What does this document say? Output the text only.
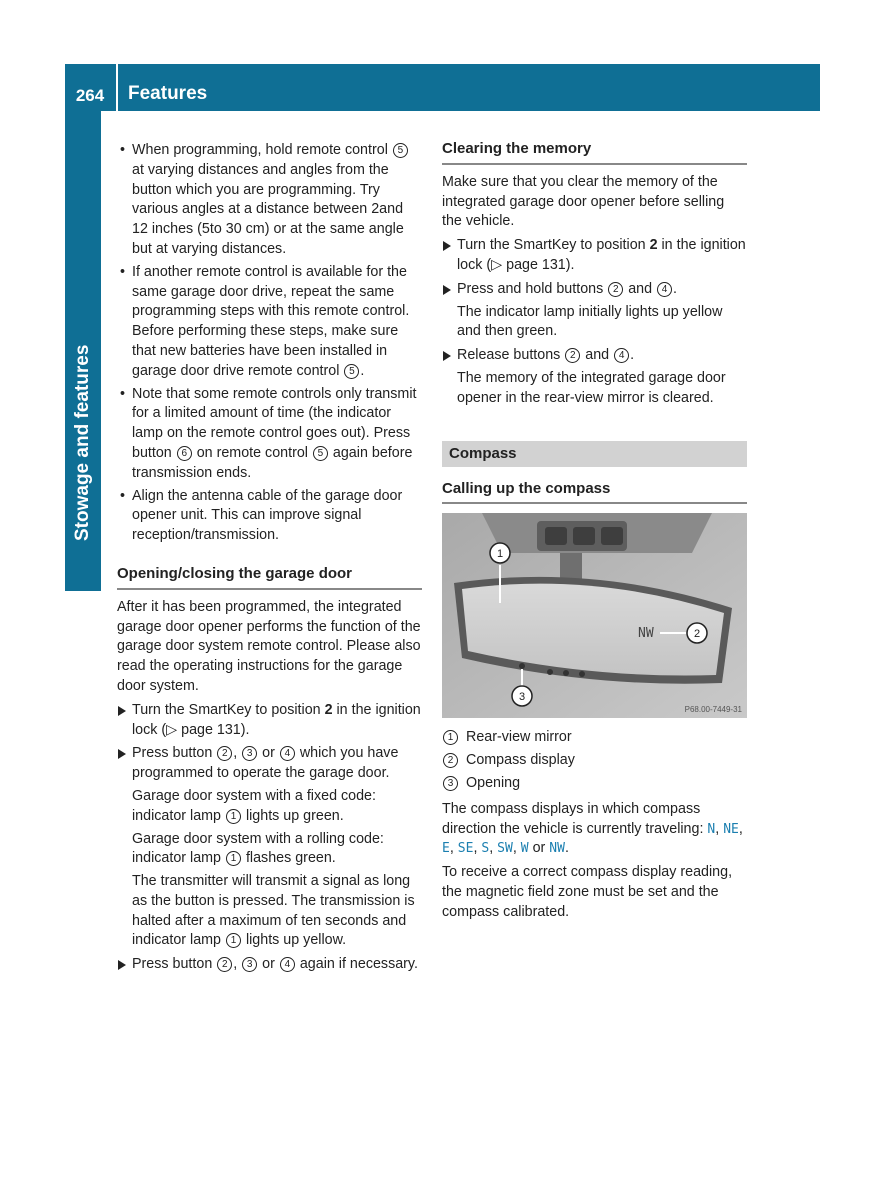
264	Features
Stowage and features
• When programming, hold remote control 5 at varying distances and angles from the button which you are programming. Try various angles at a distance between 2and 12 inches (5to 30 cm) or at the same angle but at varying distances.
• If another remote control is available for the same garage door drive, repeat the same programming steps with this remote control. Before performing these steps, make sure that new batteries have been installed in garage door drive remote control 5 .
• Note that some remote controls only transmit for a limited amount of time (the indicator lamp on the remote control goes out). Press button 6 on remote control 5 again before transmission ends.
• Align the antenna cable of the garage door opener unit. This can improve signal reception/transmission.
Opening/closing the garage door

After it has been programmed, the integrated garage door opener performs the function of the garage door system remote control. Please also read the operating instructions for the garage door system.

Turn the SmartKey to position 2 in the ignition lock (▷ page 131).

Press button 2 , 3 or 4 which you have programmed to operate the garage door.

Garage door system with a fixed code: indicator lamp 1 lights up green.

Garage door system with a rolling code: indicator lamp 1 flashes green.

The transmitter will transmit a signal as long as the button is pressed. The transmission is halted after a maximum of ten seconds and indicator lamp 1 lights up yellow.

Press button 2 , 3 or 4 again if necessary.

Clearing the memory

Make sure that you clear the memory of the integrated garage door opener before selling the vehicle.

Turn the SmartKey to position 2 in the ignition lock (▷ page 131).

Press and hold buttons 2 and 4 .

The indicator lamp initially lights up yellow and then green.

Release buttons 2 and 4 .

The memory of the integrated garage door opener in the rear-view mirror is cleared.

Compass
Calling up the compass
NW
1
2
3
P68.00-7449-31
1 Rear-view mirror
2 Compass display
3 Opening

The compass displays in which compass direction the vehicle is currently traveling: N, NE, E, SE, S, SW, W or NW.

To receive a correct compass display reading, the magnetic field zone must be set and the compass calibrated.
